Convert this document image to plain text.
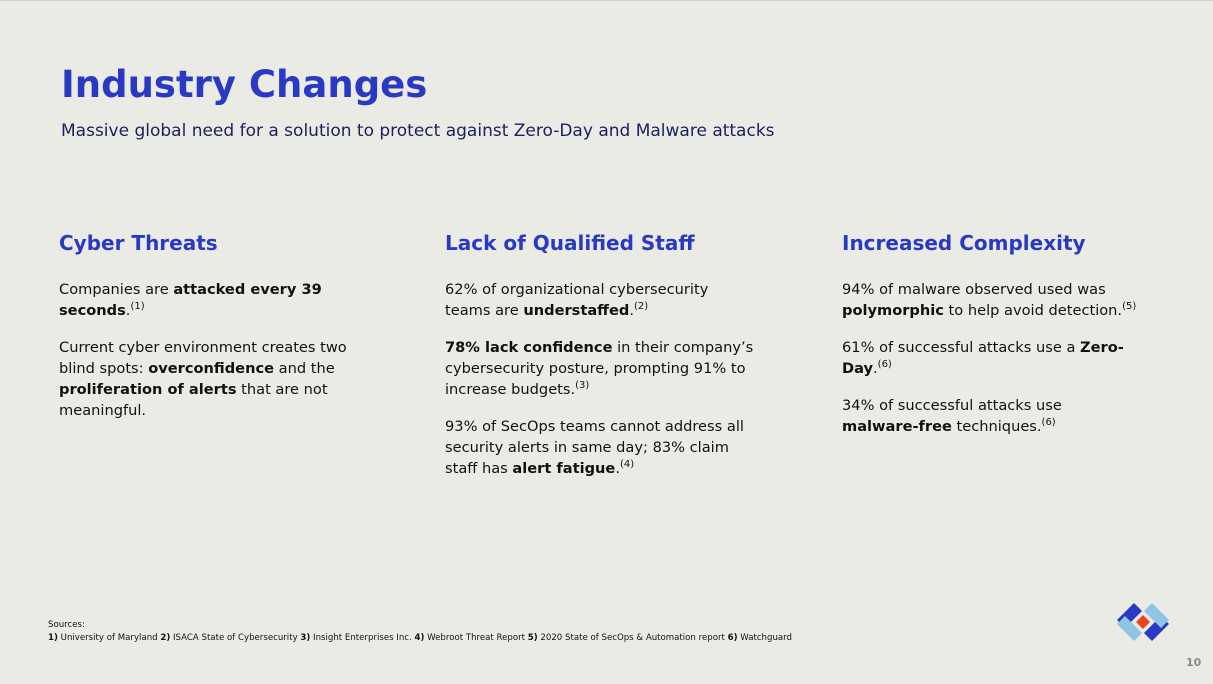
Industry Changes

Massive global need for a solution to protect against Zero-Day and Malware attacks

Cyber Threats

Companies are attacked every 39 seconds.$^{(1)}$

Current cyber environment creates two blind spots: overconfidence and the proliferation of alerts that are not meaningful.

Lack of Qualified Staff

62% of organizational cybersecurity teams are understaffed.$^{(2)}$

78% lack confidence in their company’s cybersecurity posture, prompting 91% to increase budgets.$^{(3)}$

93% of SecOps teams cannot address all security alerts in same day; 83% claim staff has alert fatigue.$^{(4)}$

Increased Complexity

94% of malware observed used was polymorphic to help avoid detection.$^{(5)}$

61% of successful attacks use a Zero-Day.$^{(6)}$

34% of successful attacks use malware-free techniques.$^{(6)}$

Sources:
1) University of Maryland 2) ISACA State of Cybersecurity 3) Insight Enterprises Inc. 4) Webroot Threat Report 5) 2020 State of SecOps & Automation report 6) Watchguard
10
